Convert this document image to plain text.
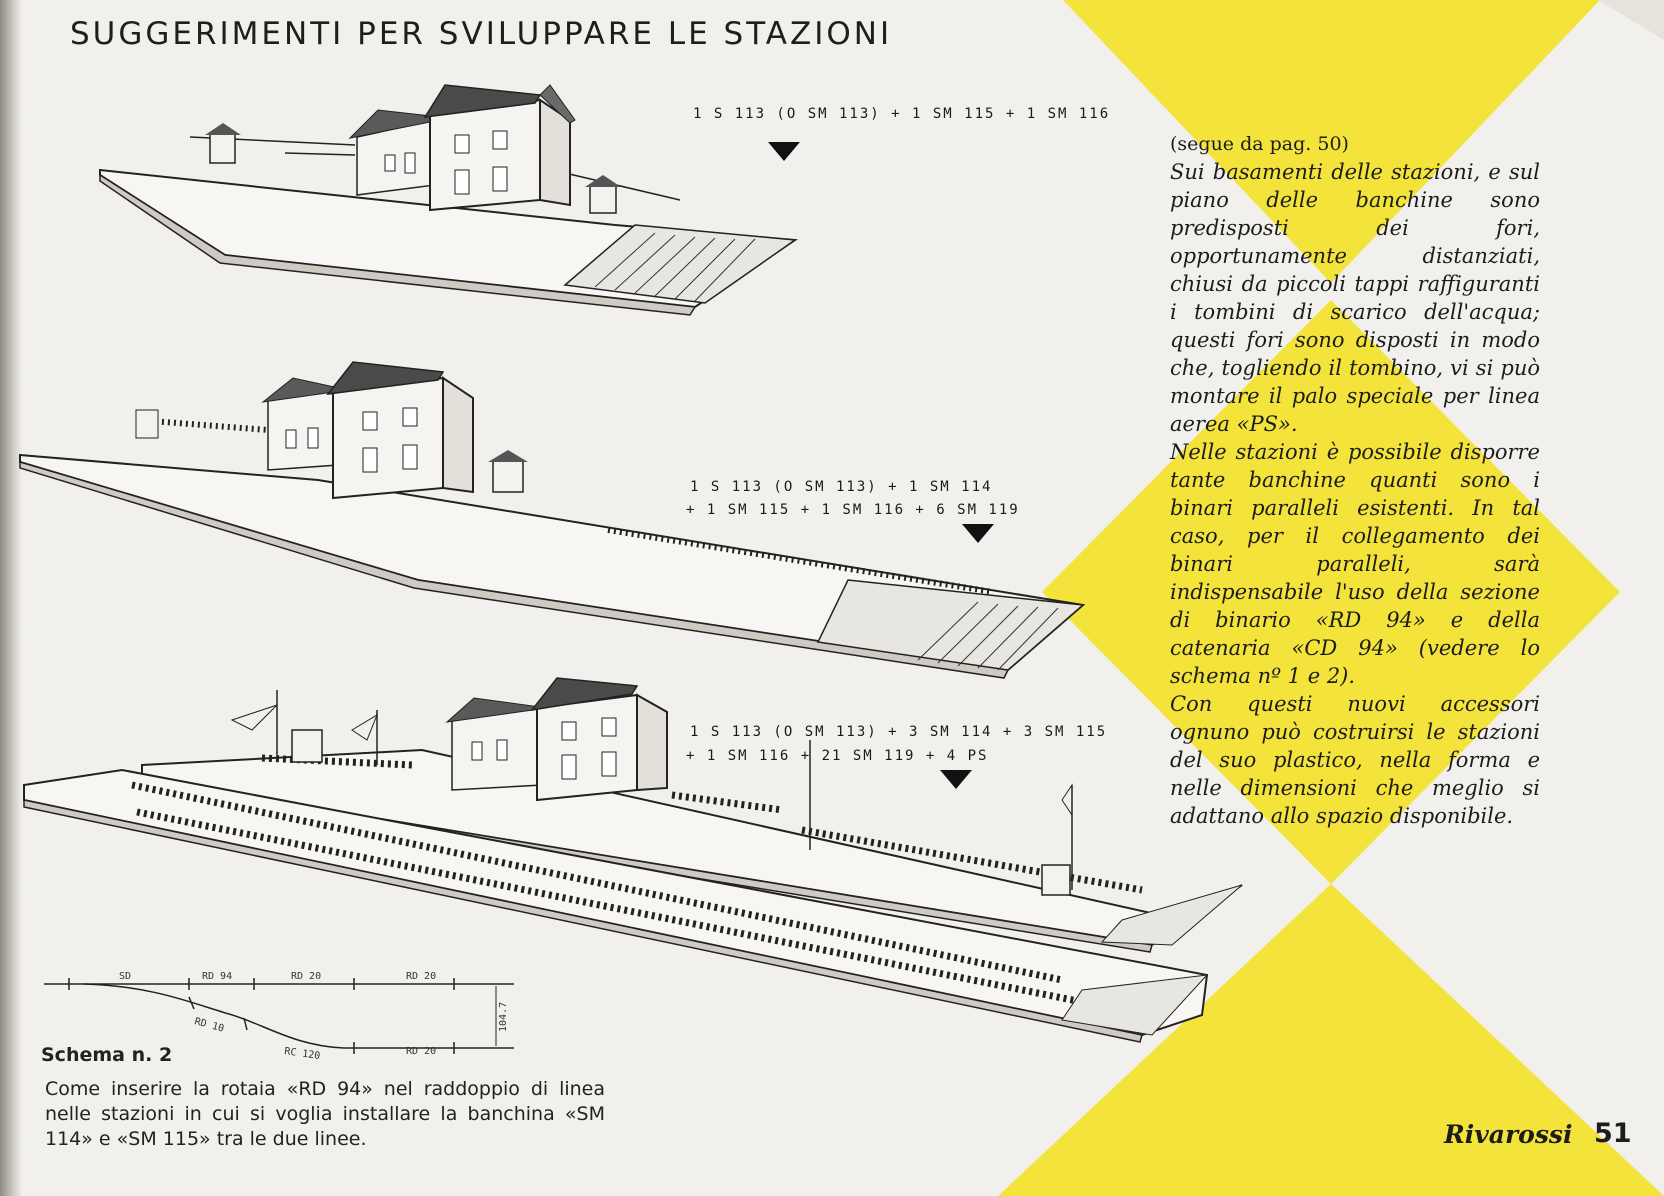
SUGGERIMENTI PER SVILUPPARE LE STAZIONI
1 S 113 (O SM 113) + 1 SM 115 + 1 SM 116
1 S 113 (O SM 113) + 1 SM 114
+ 1 SM 115 + 1 SM 116 + 6 SM 119
1 S 113 (O SM 113) + 3 SM 114 + 3 SM 115
+ 1 SM 116 + 21 SM 119 + 4 PS

(segue da pag. 50)

Sui basamenti delle stazioni, e sul piano delle banchine sono predisposti dei fori, opportunamente distanziati, chiusi da piccoli tappi raffiguranti i tombini di scarico dell'acqua; questi fori sono disposti in modo che, togliendo il tombino, vi si può montare il palo speciale per linea aerea «PS».

Nelle stazioni è possibile disporre tante banchine quanti sono i binari paralleli esistenti. In tal caso, per il collegamento dei binari paralleli, sarà indispensabile l'uso della sezione di binario «RD 94» e della catenaria «CD 94» (vedere lo schema nº 1 e 2).

Con questi nuovi accessori ognuno può costruirsi le stazioni del suo plastico, nella forma e nelle dimensioni che meglio si adattano allo spazio disponibile.

SD	RD 94	RD 20	RD 20
RD 10
RC 120	RD 20
104.7
Schema n. 2
Come inserire la rotaia «RD 94» nel raddoppio di linea nelle stazioni in cui si voglia installare la banchina «SM 114» e «SM 115» tra le due linee.	Rivarossi 51
